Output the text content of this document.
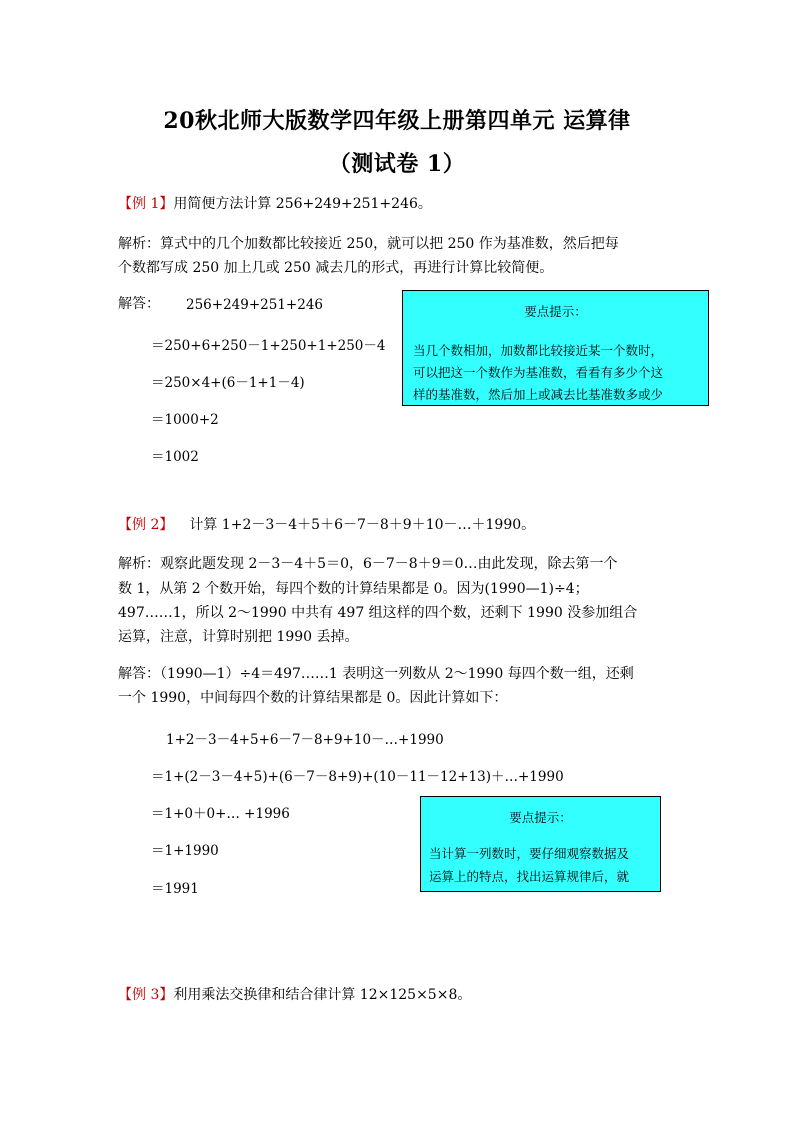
20秋北师大版数学四年级上册第四单元 运算律
（测试卷 1）
【例 1】用简便方法计算 256+249+251+246。
解析：算式中的几个加数都比较接近 250，就可以把 250 作为基准数，然后把每
个数都写成 250 加上几或 250 减去几的形式，再进行计算比较简便。
解答： 256+249+251+246
＝250+6+250－1+250+1+250－4
＝250×4+(6－1+1－4)
＝1000+2
＝1002
要点提示：
当几个数相加，加数都比较接近某一个数时，
可以把这一个数作为基准数，看看有多少个这
样的基准数，然后加上或减去比基准数多或少
【例 2】 计算 1+2－3－4＋5＋6－7－8＋9＋10－…＋1990。
解析：观察此题发现 2－3－4＋5＝0，6－7－8＋9＝0…由此发现，除去第一个
数 1，从第 2 个数开始，每四个数的计算结果都是 0。因为(1990—1)÷4；
497……1，所以 2～1990 中共有 497 组这样的四个数，还剩下 1990 没参加组合
运算，注意，计算时别把 1990 丢掉。
解答：（1990—1）÷4＝497……1 表明这一列数从 2～1990 每四个数一组，还剩
一个 1990，中间每四个数的计算结果都是 0。因此计算如下：
1+2－3－4+5+6－7－8+9+10－…+1990
＝1+(2－3－4+5)+(6－7－8+9)+(10－11－12+13)＋…+1990
＝1+0＋0+… +1996
＝1+1990
＝1991
要点提示：
当计算一列数时，要仔细观察数据及
运算上的特点，找出运算规律后，就
【例 3】利用乘法交换律和结合律计算 12×125×5×8。
